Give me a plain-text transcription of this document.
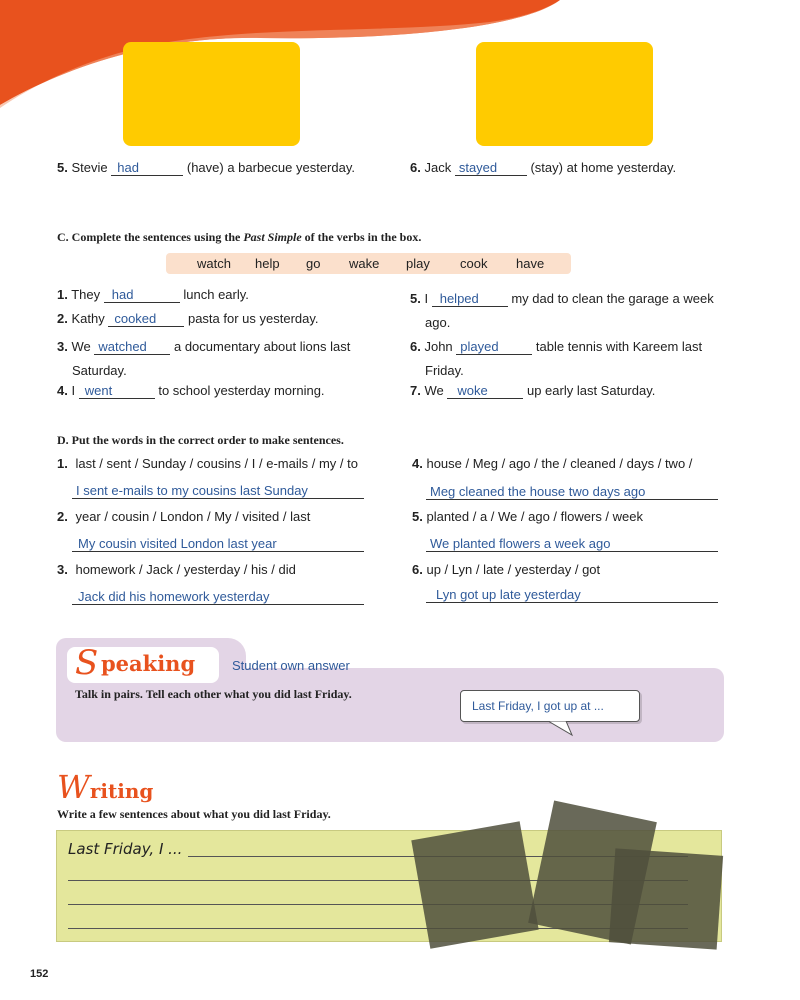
5. Stevie had	(have) a barbecue yesterday.	6. Jack stayed	(stay) at home yesterday.
C. Complete the sentences using the Past Simple of the verbs in the box.
watch help go wake play cook have
1. They had	lunch early.
2. Kathy cooked pasta for us yesterday.
3. We watched a documentary about lions last
Saturday.
4. I went	to school yesterday morning.
5. I helped	my dad to clean the garage a week
ago.
6. John played	table tennis with Kareem last
Friday.
7. We woke	up early last Saturday.
D. Put the words in the correct order to make sentences.
1. last / sent / Sunday / cousins / I / e-mails / my / to
I sent e-mails to my cousins last Sunday
2. year / cousin / London / My / visited / last
My cousin visited London last year
3. homework / Jack / yesterday / his / did
Jack did his homework yesterday
4. house / Meg / ago / the / cleaned / days / two /
Meg cleaned the house two days ago
5. planted / a / We / ago / flowers / week
We planted flowers a week ago
6. up / Lyn / late / yesterday / got
Lyn got up late yesterday
S peaking	Student own answer
Talk in pairs. Tell each other what you did last Friday.
Last Friday, I got up at ...
Writing
Write a few sentences about what you did last Friday.
Last Friday, I ...
152
